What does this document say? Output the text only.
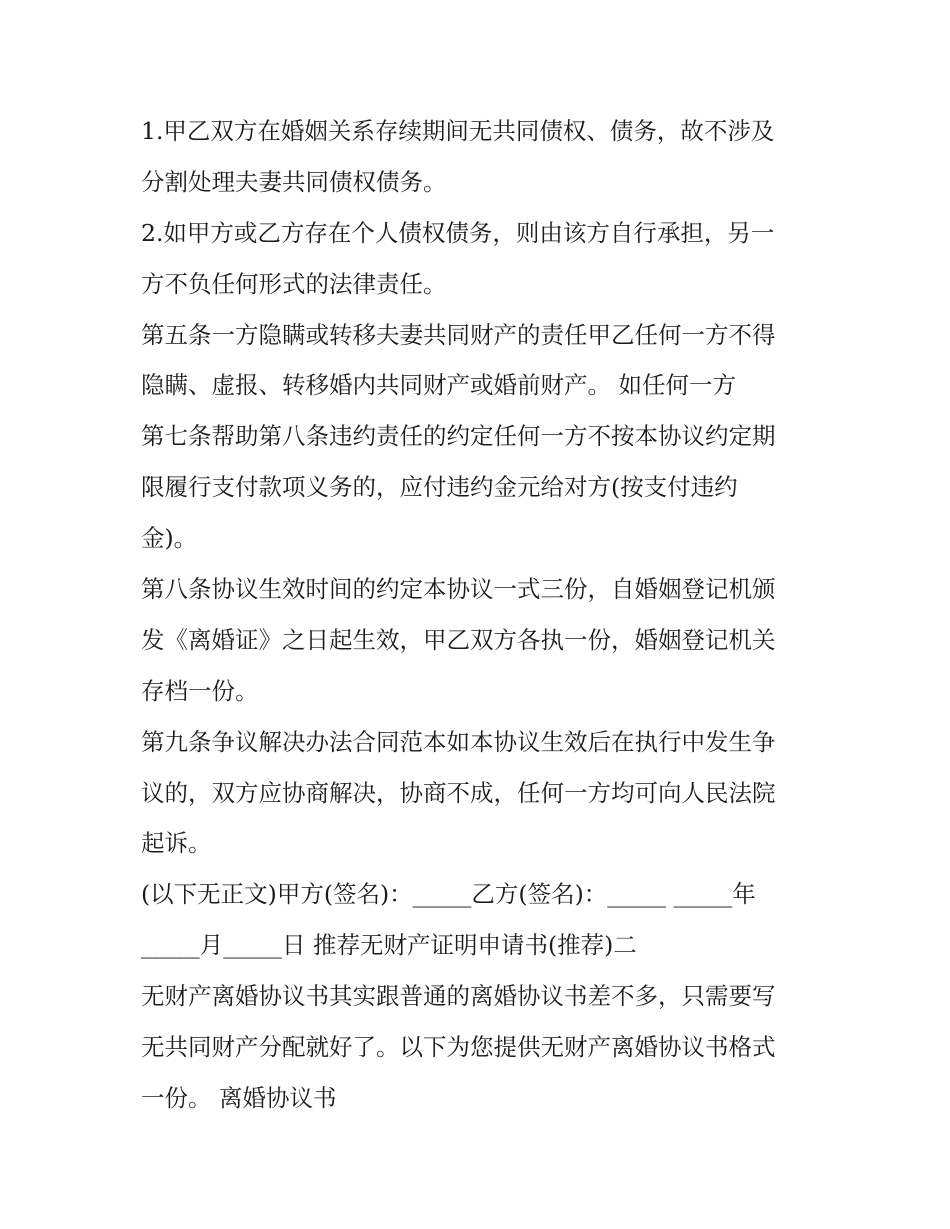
1.甲乙双方在婚姻关系存续期间无共同债权、债务，故不涉及
分割处理夫妻共同债权债务。
2.如甲方或乙方存在个人债权债务，则由该方自行承担，另一
方不负任何形式的法律责任。
第五条一方隐瞒或转移夫妻共同财产的责任甲乙任何一方不得
隐瞒、虚报、转移婚内共同财产或婚前财产。 如任何一方
第七条帮助第八条违约责任的约定任何一方不按本协议约定期
限履行支付款项义务的，应付违约金元给对方(按支付违约
金)。
第八条协议生效时间的约定本协议一式三份，自婚姻登记机颁
发《离婚证》之日起生效，甲乙双方各执一份，婚姻登记机关
存档一份。
第九条争议解决办法合同范本如本协议生效后在执行中发生争
议的，双方应协商解决，协商不成，任何一方均可向人民法院
起诉。
(以下无正文)甲方(签名)：_____乙方(签名)：_____ _____年
_____月_____日 推荐无财产证明申请书(推荐)二
无财产离婚协议书其实跟普通的离婚协议书差不多，只需要写
无共同财产分配就好了。以下为您提供无财产离婚协议书格式
一份。 离婚协议书
